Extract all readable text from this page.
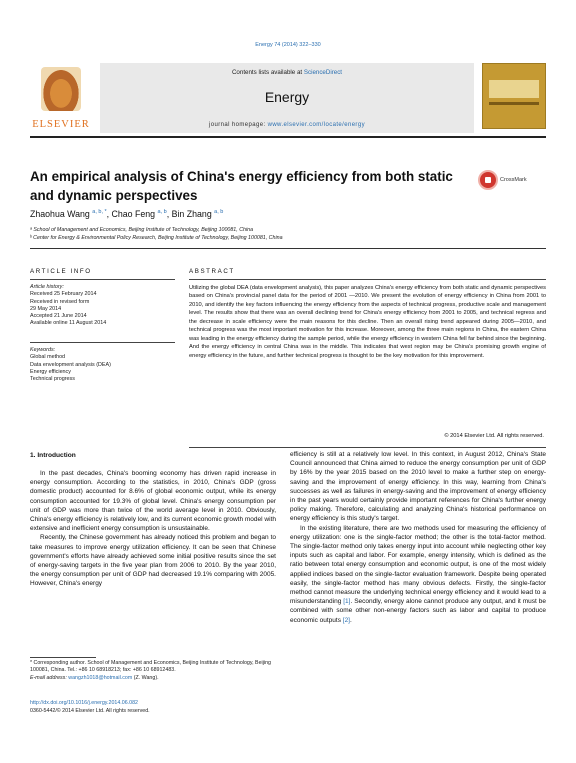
Energy 74 (2014) 322–330
ELSEVIER
Contents lists available at ScienceDirect
Energy
journal homepage: www.elsevier.com/locate/energy
An empirical analysis of China's energy efficiency from both static and dynamic perspectives
CrossMark
Zhaohua Wang $^{a, b, *}$, Chao Feng $^{a, b}$, Bin Zhang $^{a, b}$
ᵃ School of Management and Economics, Beijing Institute of Technology, Beijing 100081, China
ᵇ Center for Energy & Environmental Policy Research, Beijing Institute of Technology, Beijing 100081, China
ARTICLE INFO	ABSTRACT
Article history:
Received 25 February 2014
Received in revised form
29 May 2014
Accepted 21 June 2014
Available online 11 August 2014
Keywords:
Global method
Data envelopment analysis (DEA)
Energy efficiency
Technical progress
Utilizing the global DEA (data envelopment analysis), this paper analyzes China's energy efficiency from both static and dynamic perspectives based on China's provincial panel data for the period of 2001 —2010. We present the evolution of energy efficiency in China from 2001 to 2010, and identify the key factors influencing the energy efficiency from the aspects of technical progress, productive scale and management level. The results show that there was an overall declining trend for China's energy efficiency from 2001 to 2005, and technical regress and the decrease in scale efficiency were the main reasons for this decline. Then an overall rising trend appeared during 2005—2010, and technical progress was the most important motivation for this increase. Moreover, among the three main regions in China, the eastern China was leading in the energy efficiency during the sample period, while the energy efficiency in western China fell far behind since the beginning. And the energy efficiency in central China was in the middle. This indicates that west region may be China's promising growth engine of energy efficiency in the future, and further technical progress is thought to be the key motivation for this improvement.
© 2014 Elsevier Ltd. All rights reserved.
1. Introduction

In the past decades, China's booming economy has driven rapid increase in energy consumption. According to the statistics, in 2010, China's GDP (gross domestic product) accounted for 8.6% of global economic output, while its energy consumption accounted for 19.3% of global level. China's energy consumption per unit of GDP was more than twice of the world average level in 2010. Obviously, China's energy efficiency is relatively low, and its current economic growth model with extensive and inefficient energy consumption is unsustainable.

Recently, the Chinese government has already noticed this problem and began to take measures to improve energy utilization efficiency. It can be seen that Chinese government's efforts have already achieved some initial positive results since the set of energy-saving targets in the five year plan from 2006 to 2010. By the year 2010, the energy consumption per unit of GDP had decreased 19.1% comparing with 2005. However, China's energy

efficiency is still at a relatively low level. In this context, in August 2012, China's State Council announced that China aimed to reduce the energy consumption per unit of GDP by 16% by the year 2015 based on the 2010 level to make a further step on energy-saving and the improvement of energy efficiency. In this way, learning from China's successes as well as failures in energy-saving and the improvement of energy efficiency in the past years would certainly provide important references for China's further energy policy making. Therefore, calculating and analyzing China's historical performance on energy efficiency is this study's target.

In the existing literature, there are two methods used for measuring the efficiency of energy utilization: one is the single-factor method; the other is the total-factor method. The single-factor method only takes energy input into account while neglecting other key inputs such as capital and labor. For example, energy intensity, which is defined as the ratio between total energy consumption and economic output, is one of the most widely applied indices based on the single-factor evaluation framework. Despite being operated easily, the single-factor method has many obvious defects. Firstly, the single-factor method cannot measure the underlying technical energy efficiency and it would lead to a misunderstanding [1]. Secondly, energy alone cannot produce any output, and it must be combined with some other non-energy factors such as labor and capital to produce economic outputs [2].

* Corresponding author. School of Management and Economics, Beijing Institute of Technology, Beijing 100081, China. Tel.: +86 10 68918213; fax: +86 10 68912483.
E-mail address: wangzh1018@hotmail.com (Z. Wang).
http://dx.doi.org/10.1016/j.energy.2014.06.082
0360-5442/© 2014 Elsevier Ltd. All rights reserved.
